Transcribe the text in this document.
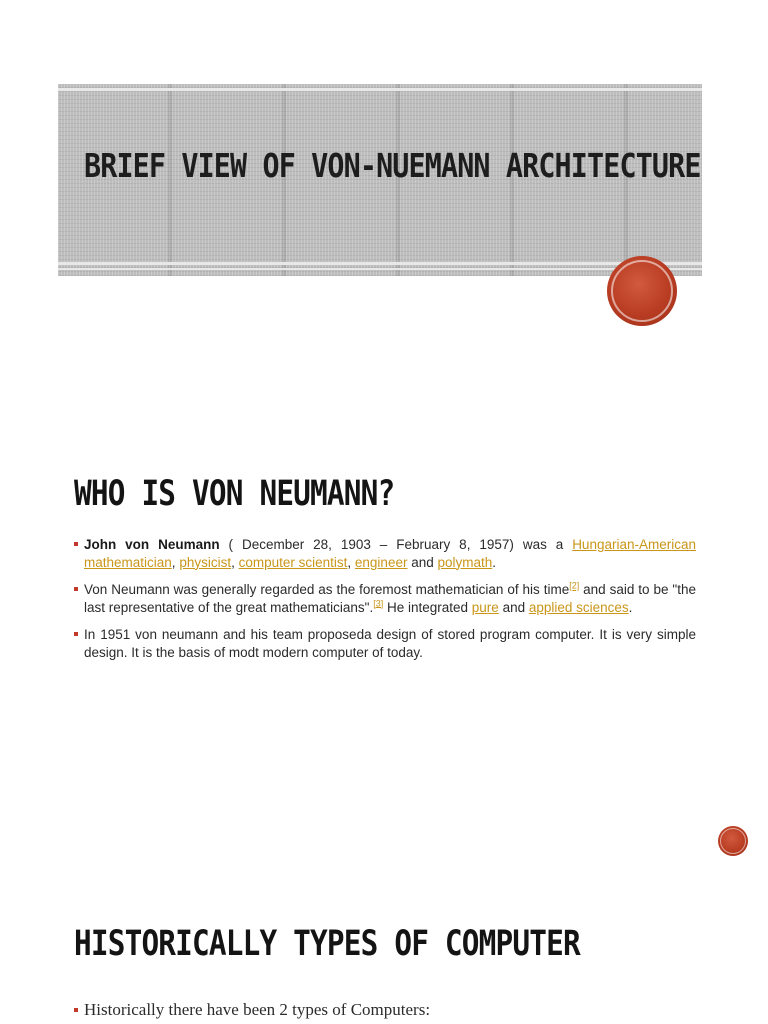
BRIEF VIEW OF VON-NUEMANN ARCHITECTURE
WHO IS VON NEUMANN?
John von Neumann ( December 28, 1903 – February 8, 1957) was a Hungarian-American mathematician, physicist, computer scientist, engineer and polymath.
Von Neumann was generally regarded as the foremost mathematician of his time[2] and said to be "the last representative of the great mathematicians".[3] He integrated pure and applied sciences.
In 1951 von neumann and his team proposeda design of stored program computer. It is very simple design. It is the basis of modt modern computer of today.
HISTORICALLY TYPES OF COMPUTER
Historically there have been 2 types of Computers:
